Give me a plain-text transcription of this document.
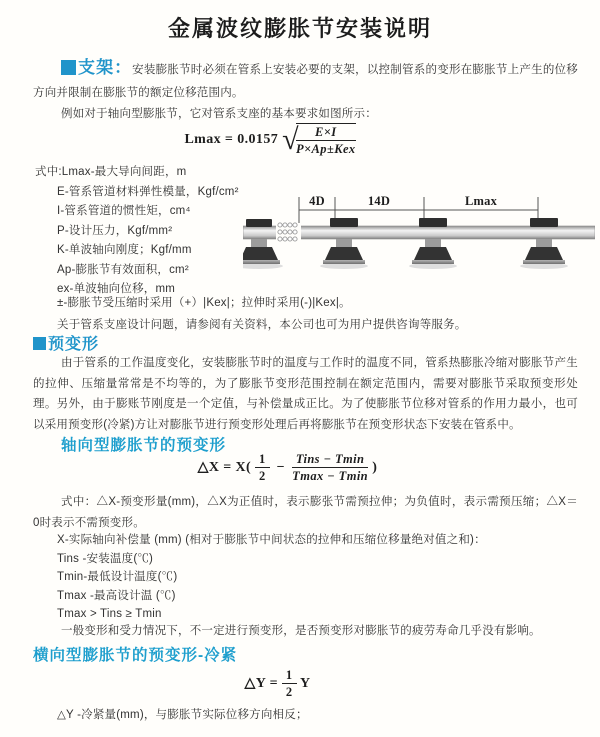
金属波纹膨胀节安装说明

支架：安装膨胀节时必须在管系上安装必要的支架，以控制管系的变形在膨胀节上产生的位移方向并限制在膨胀节的额定位移范围内。

例如对于轴向型膨胀节，它对管系支座的基本要求如图所示：

Lmax = 0.0157 √
$\frac{E\times I}{\text{P×Ap±Kex}}$
式中:Lmax-最大导向间距，m
E-管系管道材料弹性模量，Kgf/cm²
I-管系管道的惯性矩，cm⁴
P-设计压力，Kgf/mm²
K-单波轴向刚度；Kgf/mm
Ap-膨胀节有效面积，cm²
ex-单波轴向位移，mm
4D	14D	Lmax

±-膨胀节受压缩时采用（+）|Kex|；拉伸时采用(-)|Kex|。

关于管系支座设计问题，请参阅有关资料，本公司也可为用户提供咨询等服务。

预变形

由于管系的工作温度变化，安装膨胀节时的温度与工作时的温度不同，管系热膨胀冷缩对膨胀节产生的拉伸、压缩量常常是不均等的，为了膨胀节变形范围控制在额定范围内，需要对膨胀节采取预变形处理。另外，由于膨账节刚度是一个定值，与补偿量成正比。为了使膨胀节位移对管系的作用力最小，也可以采用预变形(冷紧)方让对膨胀节进行预变形处理后再将膨胀节在预变形状态下安装在管系中。

轴向型膨胀节的预变形
△X = $X( \frac{1}{2} - \frac{\text{Tins − Tmin}}{Tmax - Tmin}$ )

式中：△X-预变形量(mm)，△X为正值时，表示膨张节需预拉伸；为负值时，表示需预压缩；△X＝0时表示不需预变形。

X-实际轴向补偿量 (mm) (相对于膨胀节中间状态的拉伸和压缩位移量绝对值之和)：
Tins -安装温度(℃)
Tmin-最低设计温度(℃)
Tmax -最高设计温 (℃)
Tmax > Tins ≥ Tmin

一般变形和受力情况下，不一定进行预变形，是否预变形对膨胀节的疲劳寿命几乎没有影响。

横向型膨胀节的预变形-冷紧
△Y = $\frac{1}{2}$ Y

△Y -冷紧量(mm)，与膨胀节实际位移方向相反；
